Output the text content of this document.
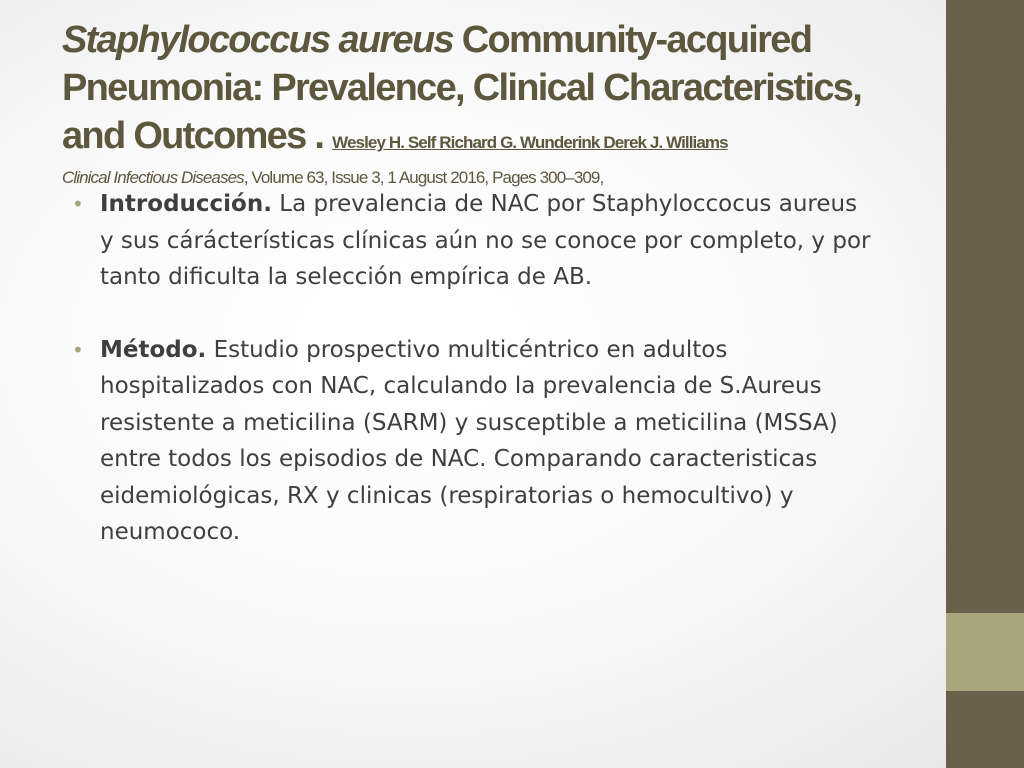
Staphylococcus aureus Community-acquired Pneumonia: Prevalence, Clinical Characteristics, and Outcomes . Wesley H. Self Richard G. Wunderink Derek J. Williams
Clinical Infectious Diseases, Volume 63, Issue 3, 1 August 2016, Pages 300–309,
• Introducción. La prevalencia de NAC por Staphyloccocus aureus y sus cárácterísticas clínicas aún no se conoce por completo, y por tanto dificulta la selección empírica de AB.
• Método. Estudio prospectivo multicéntrico en adultos hospitalizados con NAC, calculando la prevalencia de S.Aureus resistente a meticilina (SARM) y susceptible a meticilina (MSSA) entre todos los episodios de NAC. Comparando caracteristicas eidemiológicas, RX y clinicas (respiratorias o hemocultivo) y neumococo.
